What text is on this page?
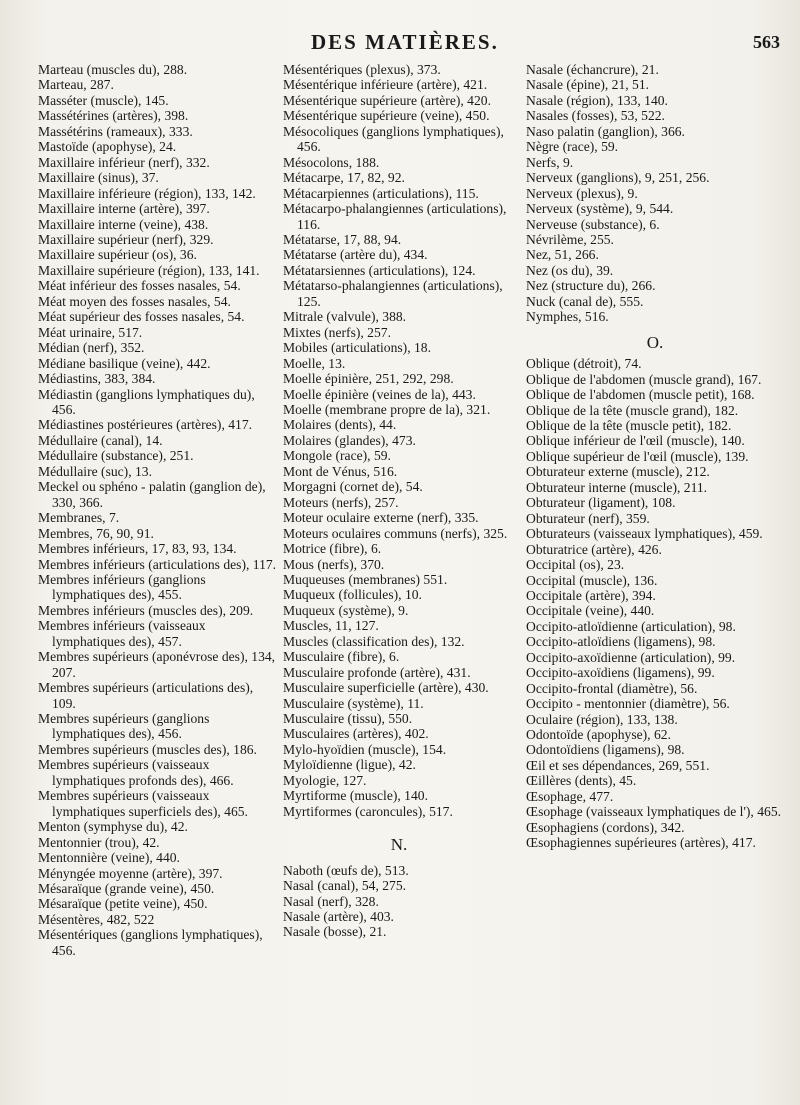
DES MATIÈRES.	563
Marteau (muscles du), 288.
Marteau, 287.
Masséter (muscle), 145.
Massétérines (artères), 398.
Massétérins (rameaux), 333.
Mastoïde (apophyse), 24.
Maxillaire inférieur (nerf), 332.
Maxillaire (sinus), 37.
Maxillaire inférieure (région), 133, 142.
Maxillaire interne (artère), 397.
Maxillaire interne (veine), 438.
Maxillaire supérieur (nerf), 329.
Maxillaire supérieur (os), 36.
Maxillaire supérieure (région), 133, 141.
Méat inférieur des fosses nasales, 54.
Méat moyen des fosses nasales, 54.
Méat supérieur des fosses nasales, 54.
Méat urinaire, 517.
Médian (nerf), 352.
Médiane basilique (veine), 442.
Médiastins, 383, 384.
Médiastin (ganglions lymphatiques du), 456.
Médiastines postérieures (artères), 417.
Médullaire (canal), 14.
Médullaire (substance), 251.
Médullaire (suc), 13.
Meckel ou sphéno - palatin (ganglion de), 330, 366.
Membranes, 7.
Membres, 76, 90, 91.
Membres inférieurs, 17, 83, 93, 134.
Membres inférieurs (articulations des), 117.
Membres inférieurs (ganglions lymphatiques des), 455.
Membres inférieurs (muscles des), 209.
Membres inférieurs (vaisseaux lymphatiques des), 457.
Membres supérieurs (aponévrose des), 134, 207.
Membres supérieurs (articulations des), 109.
Membres supérieurs (ganglions lymphatiques des), 456.
Membres supérieurs (muscles des), 186.
Membres supérieurs (vaisseaux lymphatiques profonds des), 466.
Membres supérieurs (vaisseaux lymphatiques superficiels des), 465.
Menton (symphyse du), 42.
Mentonnier (trou), 42.
Mentonnière (veine), 440.
Ményngée moyenne (artère), 397.
Mésaraïque (grande veine), 450.
Mésaraïque (petite veine), 450.
Mésentères, 482, 522
Mésentériques (ganglions lymphatiques), 456.
Mésentériques (plexus), 373.
Mésentérique inférieure (artère), 421.
Mésentérique supérieure (artère), 420.
Mésentérique supérieure (veine), 450.
Mésocoliques (ganglions lymphatiques), 456.
Mésocolons, 188.
Métacarpe, 17, 82, 92.
Métacarpiennes (articulations), 115.
Métacarpo-phalangiennes (articulations), 116.
Métatarse, 17, 88, 94.
Métatarse (artère du), 434.
Métatarsiennes (articulations), 124.
Métatarso-phalangiennes (articulations), 125.
Mitrale (valvule), 388.
Mixtes (nerfs), 257.
Mobiles (articulations), 18.
Moelle, 13.
Moelle épinière, 251, 292, 298.
Moelle épinière (veines de la), 443.
Moelle (membrane propre de la), 321.
Molaires (dents), 44.
Molaires (glandes), 473.
Mongole (race), 59.
Mont de Vénus, 516.
Morgagni (cornet de), 54.
Moteurs (nerfs), 257.
Moteur oculaire externe (nerf), 335.
Moteurs oculaires communs (nerfs), 325.
Motrice (fibre), 6.
Mous (nerfs), 370.
Muqueuses (membranes) 551.
Muqueux (follicules), 10.
Muqueux (système), 9.
Muscles, 11, 127.
Muscles (classification des), 132.
Musculaire (fibre), 6.
Musculaire profonde (artère), 431.
Musculaire superficielle (artère), 430.
Musculaire (système), 11.
Musculaire (tissu), 550.
Musculaires (artères), 402.
Mylo-hyoïdien (muscle), 154.
Myloïdienne (ligue), 42.
Myologie, 127.
Myrtiforme (muscle), 140.
Myrtiformes (caroncules), 517.
N.
Naboth (œufs de), 513.
Nasal (canal), 54, 275.
Nasal (nerf), 328.
Nasale (artère), 403.
Nasale (bosse), 21.
Nasale (échancrure), 21.
Nasale (épine), 21, 51.
Nasale (région), 133, 140.
Nasales (fosses), 53, 522.
Naso palatin (ganglion), 366.
Nègre (race), 59.
Nerfs, 9.
Nerveux (ganglions), 9, 251, 256.
Nerveux (plexus), 9.
Nerveux (système), 9, 544.
Nerveuse (substance), 6.
Névrilème, 255.
Nez, 51, 266.
Nez (os du), 39.
Nez (structure du), 266.
Nuck (canal de), 555.
Nymphes, 516.
O.
Oblique (détroit), 74.
Oblique de l'abdomen (muscle grand), 167.
Oblique de l'abdomen (muscle petit), 168.
Oblique de la tête (muscle grand), 182.
Oblique de la tête (muscle petit), 182.
Oblique inférieur de l'œil (muscle), 140.
Oblique supérieur de l'œil (muscle), 139.
Obturateur externe (muscle), 212.
Obturateur interne (muscle), 211.
Obturateur (ligament), 108.
Obturateur (nerf), 359.
Obturateurs (vaisseaux lymphatiques), 459.
Obturatrice (artère), 426.
Occipital (os), 23.
Occipital (muscle), 136.
Occipitale (artère), 394.
Occipitale (veine), 440.
Occipito-atloïdienne (articulation), 98.
Occipito-atloïdiens (ligamens), 98.
Occipito-axoïdienne (articulation), 99.
Occipito-axoïdiens (ligamens), 99.
Occipito-frontal (diamètre), 56.
Occipito - mentonnier (diamètre), 56.
Oculaire (région), 133, 138.
Odontoïde (apophyse), 62.
Odontoïdiens (ligamens), 98.
Œil et ses dépendances, 269, 551.
Œillères (dents), 45.
Œsophage, 477.
Œsophage (vaisseaux lymphatiques de l'), 465.
Œsophagiens (cordons), 342.
Œsophagiennes supérieures (artères), 417.
